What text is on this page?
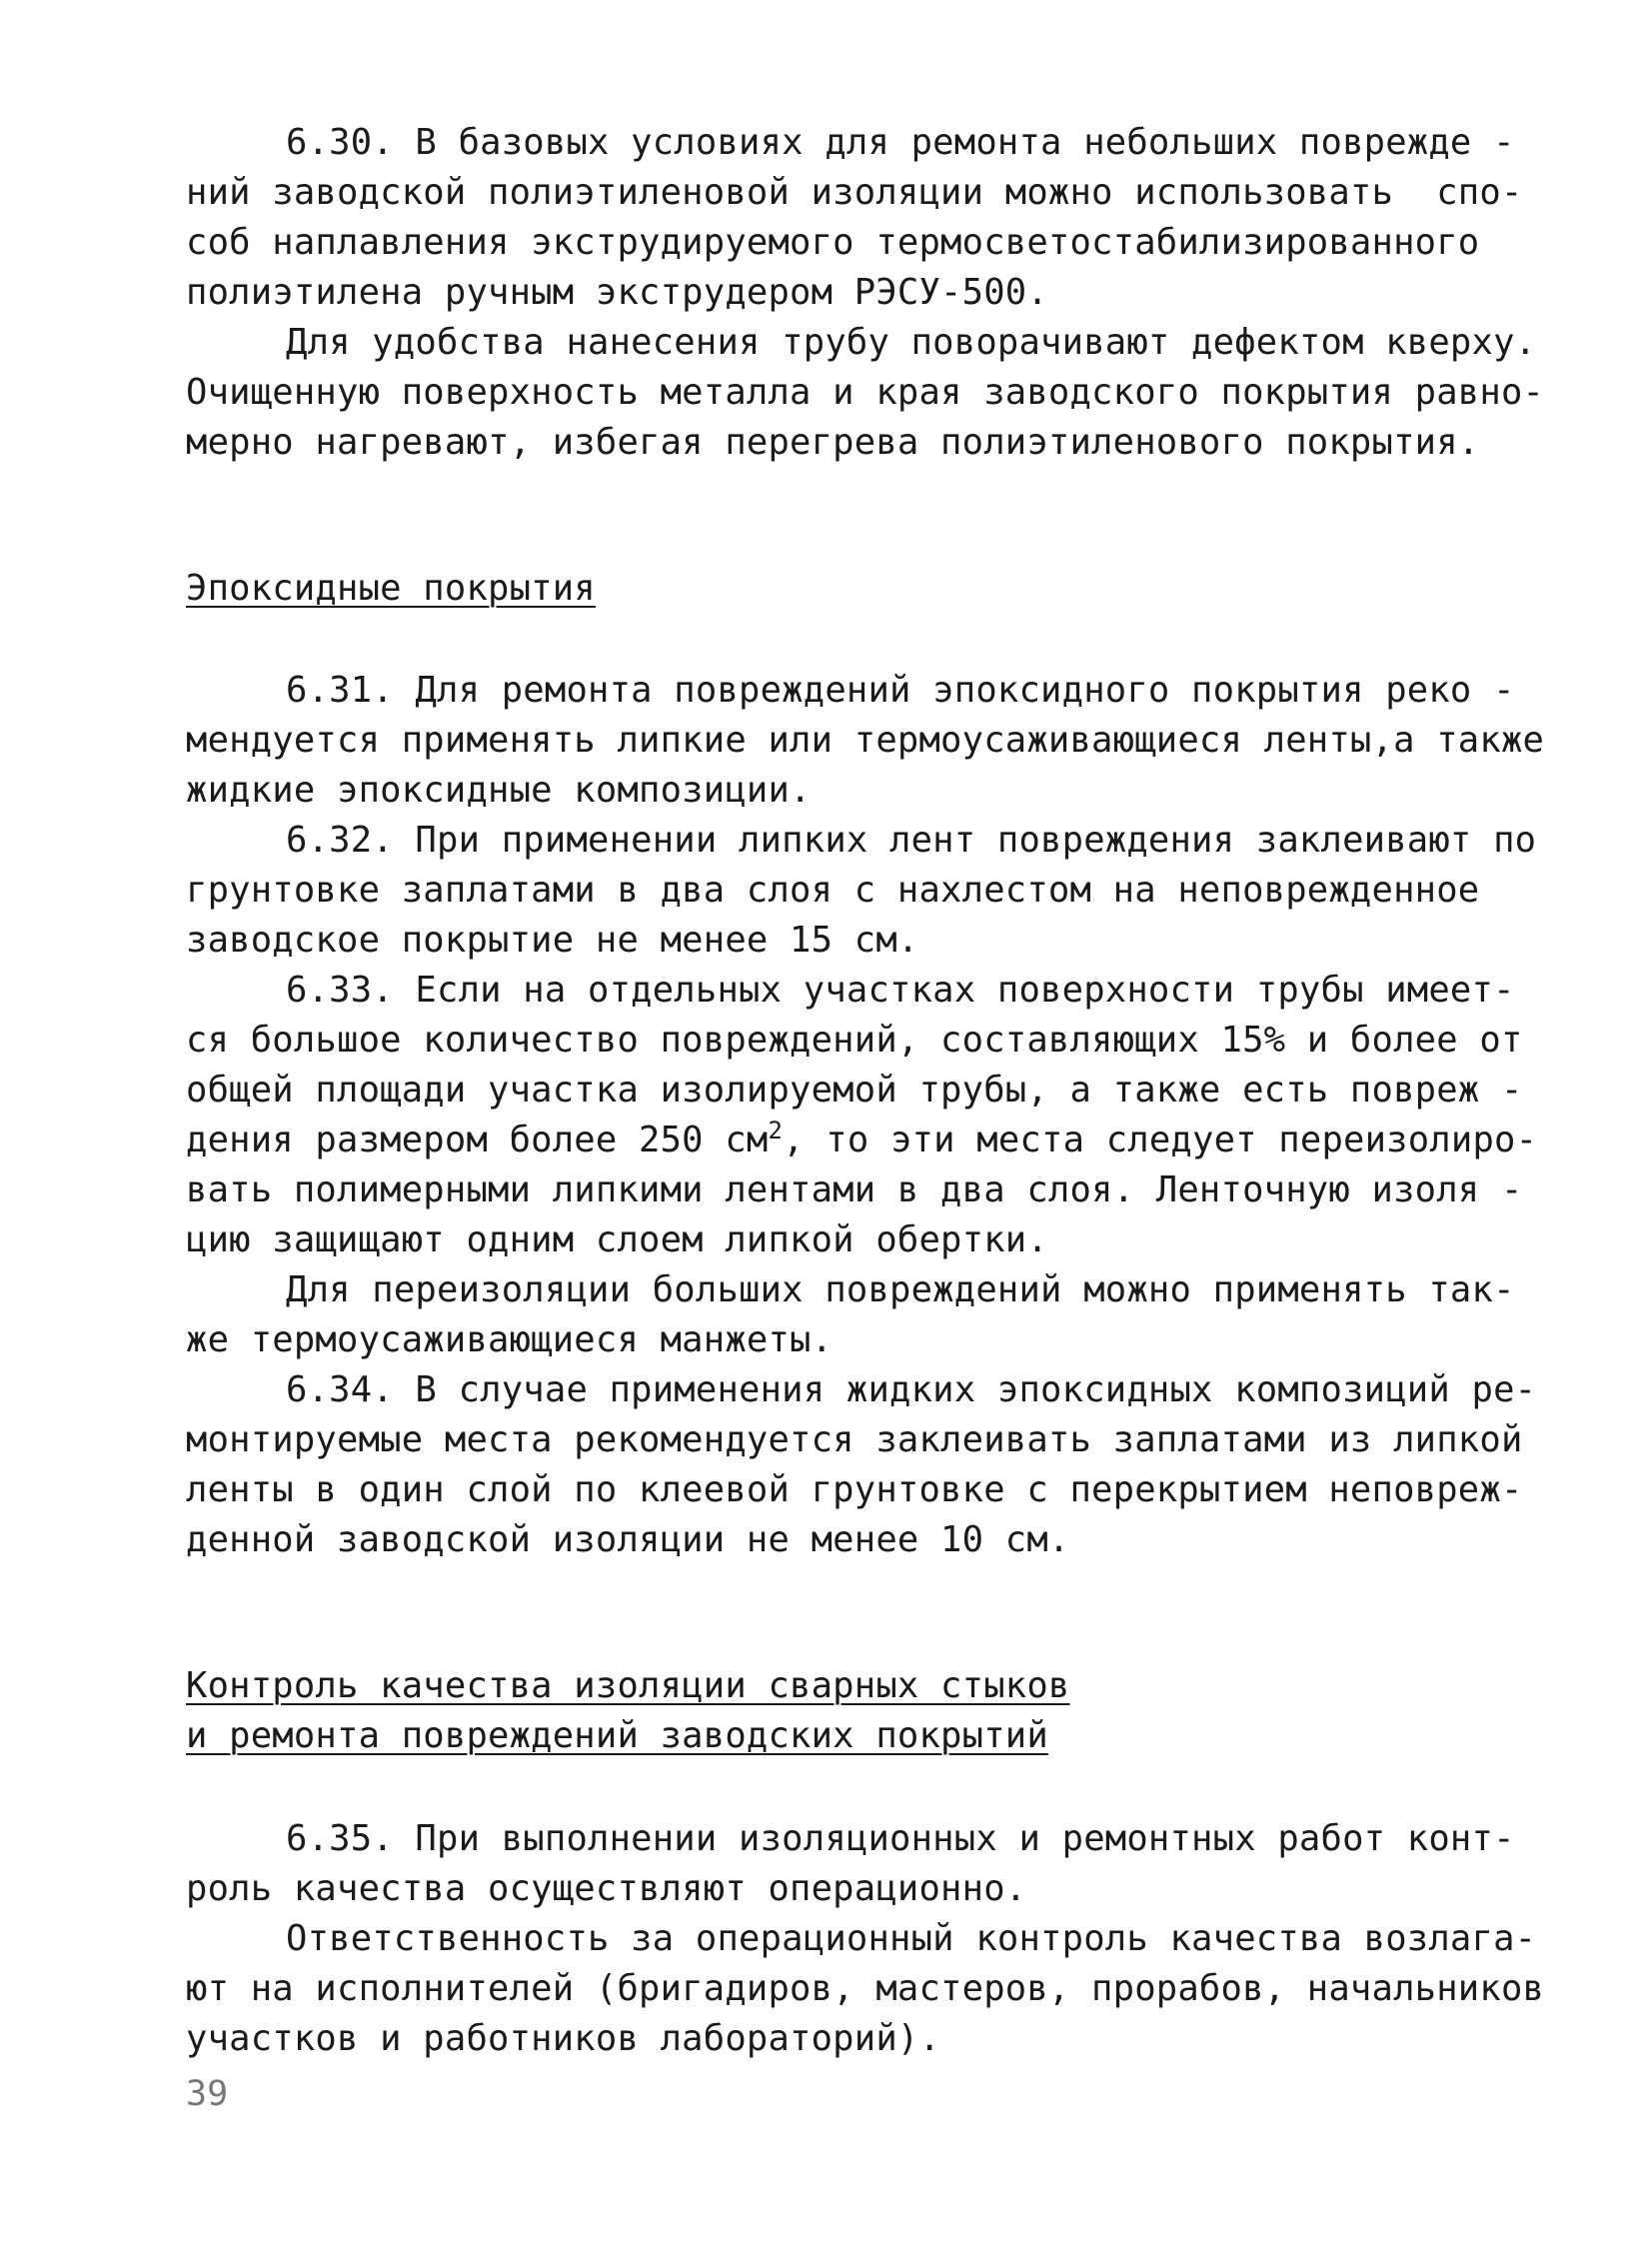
6.30. В базовых условиях для ремонта небольших повреждe -
ний заводской полиэтиленовой изоляции можно использовать  спо-
соб наплавления экструдируемого термосветостабилизированного
полиэтилена ручным экструдером РЭСУ-500.
Для удобства нанесения трубу поворачивают дефектом кверху.
Очищенную поверхность металла и края заводского покрытия равно-
мерно нагревают, избегая перегрева полиэтиленового покрытия.
Эпоксидные покрытия
6.31. Для ремонта повреждений эпоксидного покрытия реко -
мендуется применять липкие или термоусаживающиеся ленты,а также
жидкие эпоксидные композиции.
6.32. При применении липких лент повреждения заклеивают по
грунтовке заплатами в два слоя с нахлестом на неповрежденное
заводское покрытие не менее 15 см.
6.33. Если на отдельных участках поверхности трубы имеет-
ся большое количество повреждений, составляющих 15% и более от
общей площади участка изолируемой трубы, а также есть повреж -
дения размером более 250 $см^2$, то эти места следует переизолиро-
вать полимерными липкими лентами в два слоя. Ленточную изоля -
цию защищают одним слоем липкой обертки.
Для переизоляции больших повреждений можно применять так-
же термоусаживающиеся манжеты.
6.34. В случае применения жидких эпоксидных композиций ре-
монтируемые места рекомендуется заклеивать заплатами из липкой
ленты в один слой по клеевой грунтовке с перекрытием неповреж-
денной заводской изоляции не менее 10 см.
Контроль качества изоляции сварных стыков
и ремонта повреждений заводских покрытий
6.35. При выполнении изоляционных и ремонтных работ конт-
роль качества осуществляют операционно.
Ответственность за операционный контроль качества возлага-
ют на исполнителей (бригадиров, мастеров, прорабов, начальников
участков и работников лабораторий).
39
